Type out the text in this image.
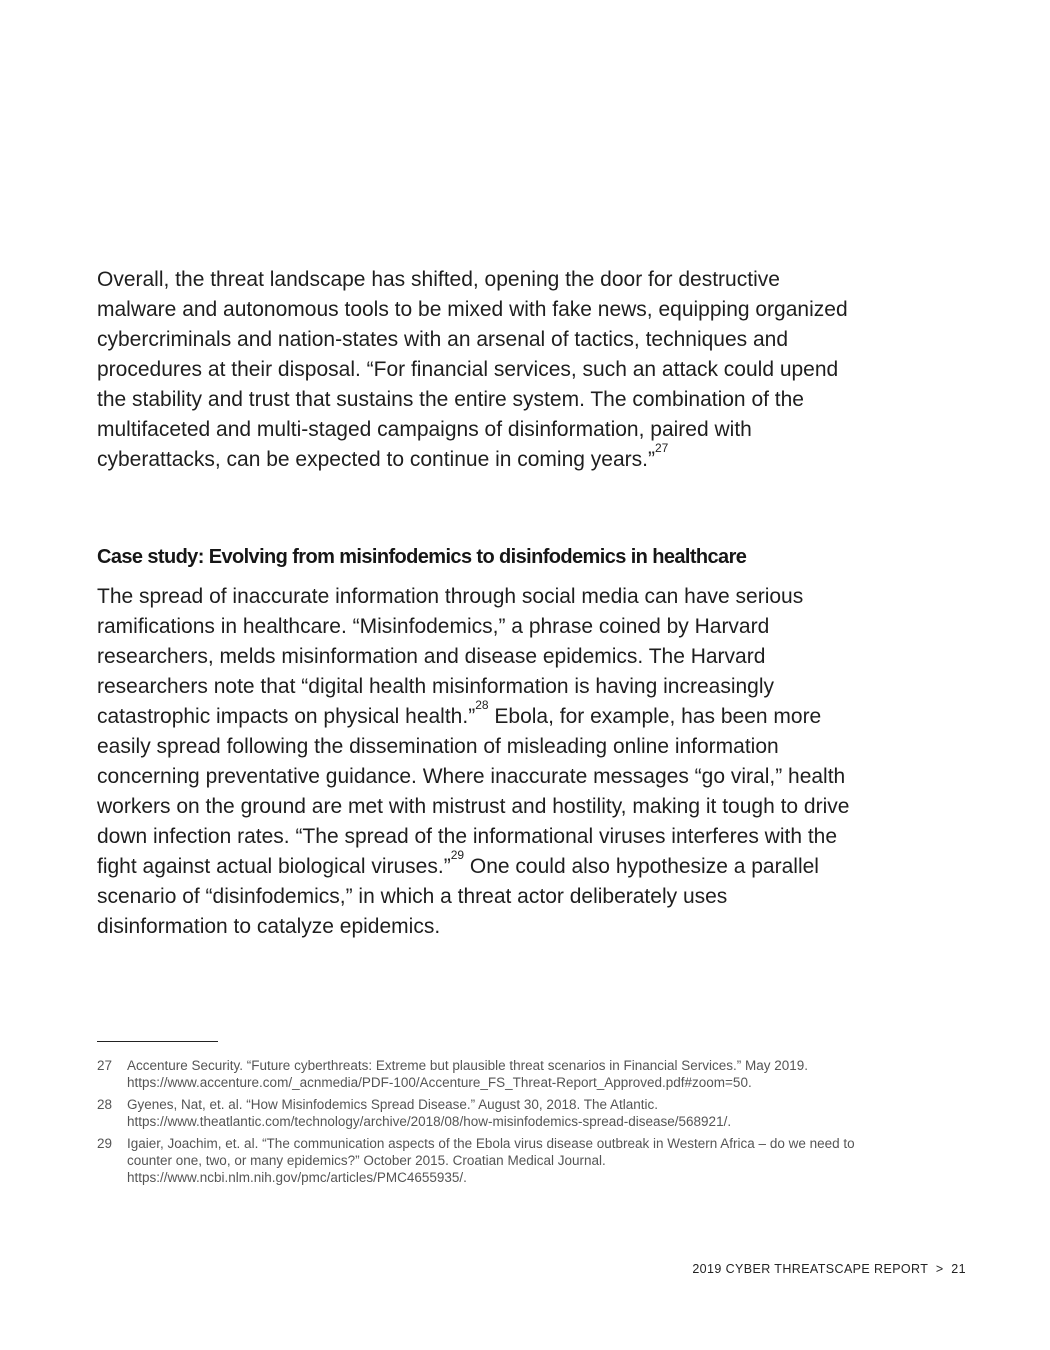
Overall, the threat landscape has shifted, opening the door for destructive malware and autonomous tools to be mixed with fake news, equipping organized cybercriminals and nation-states with an arsenal of tactics, techniques and procedures at their disposal. “For financial services, such an attack could upend the stability and trust that sustains the entire system. The combination of the multifaceted and multi-staged campaigns of disinformation, paired with cyberattacks, can be expected to continue in coming years.”$^{27}$

Case study: Evolving from misinfodemics to disinfodemics in healthcare

The spread of inaccurate information through social media can have serious ramifications in healthcare. “Misinfodemics,” a phrase coined by Harvard researchers, melds misinformation and disease epidemics. The Harvard researchers note that “digital health misinformation is having increasingly catastrophic impacts on physical health.”$^{28}$ Ebola, for example, has been more easily spread following the dissemination of misleading online information concerning preventative guidance. Where inaccurate messages “go viral,” health workers on the ground are met with mistrust and hostility, making it tough to drive down infection rates. “The spread of the informational viruses interferes with the fight against actual biological viruses.”$^{29}$ One could also hypothesize a parallel scenario of “disinfodemics,” in which a threat actor deliberately uses disinformation to catalyze epidemics.

27	Accenture Security. “Future cyberthreats: Extreme but plausible threat scenarios in Financial Services.” May 2019. https://www.accenture.com/_acnmedia/PDF-100/Accenture_FS_Threat-Report_Approved.pdf#zoom=50.
28	Gyenes, Nat, et. al. “How Misinfodemics Spread Disease.” August 30, 2018. The Atlantic. https://www.theatlantic.com/technology/archive/2018/08/how-misinfodemics-spread-disease/568921/.
29	Igaier, Joachim, et. al. “The communication aspects of the Ebola virus disease outbreak in Western Africa – do we need to counter one, two, or many epidemics?” October 2015. Croatian Medical Journal. https://www.ncbi.nlm.nih.gov/pmc/articles/PMC4655935/.
2019 CYBER THREATSCAPE REPORT > 21
